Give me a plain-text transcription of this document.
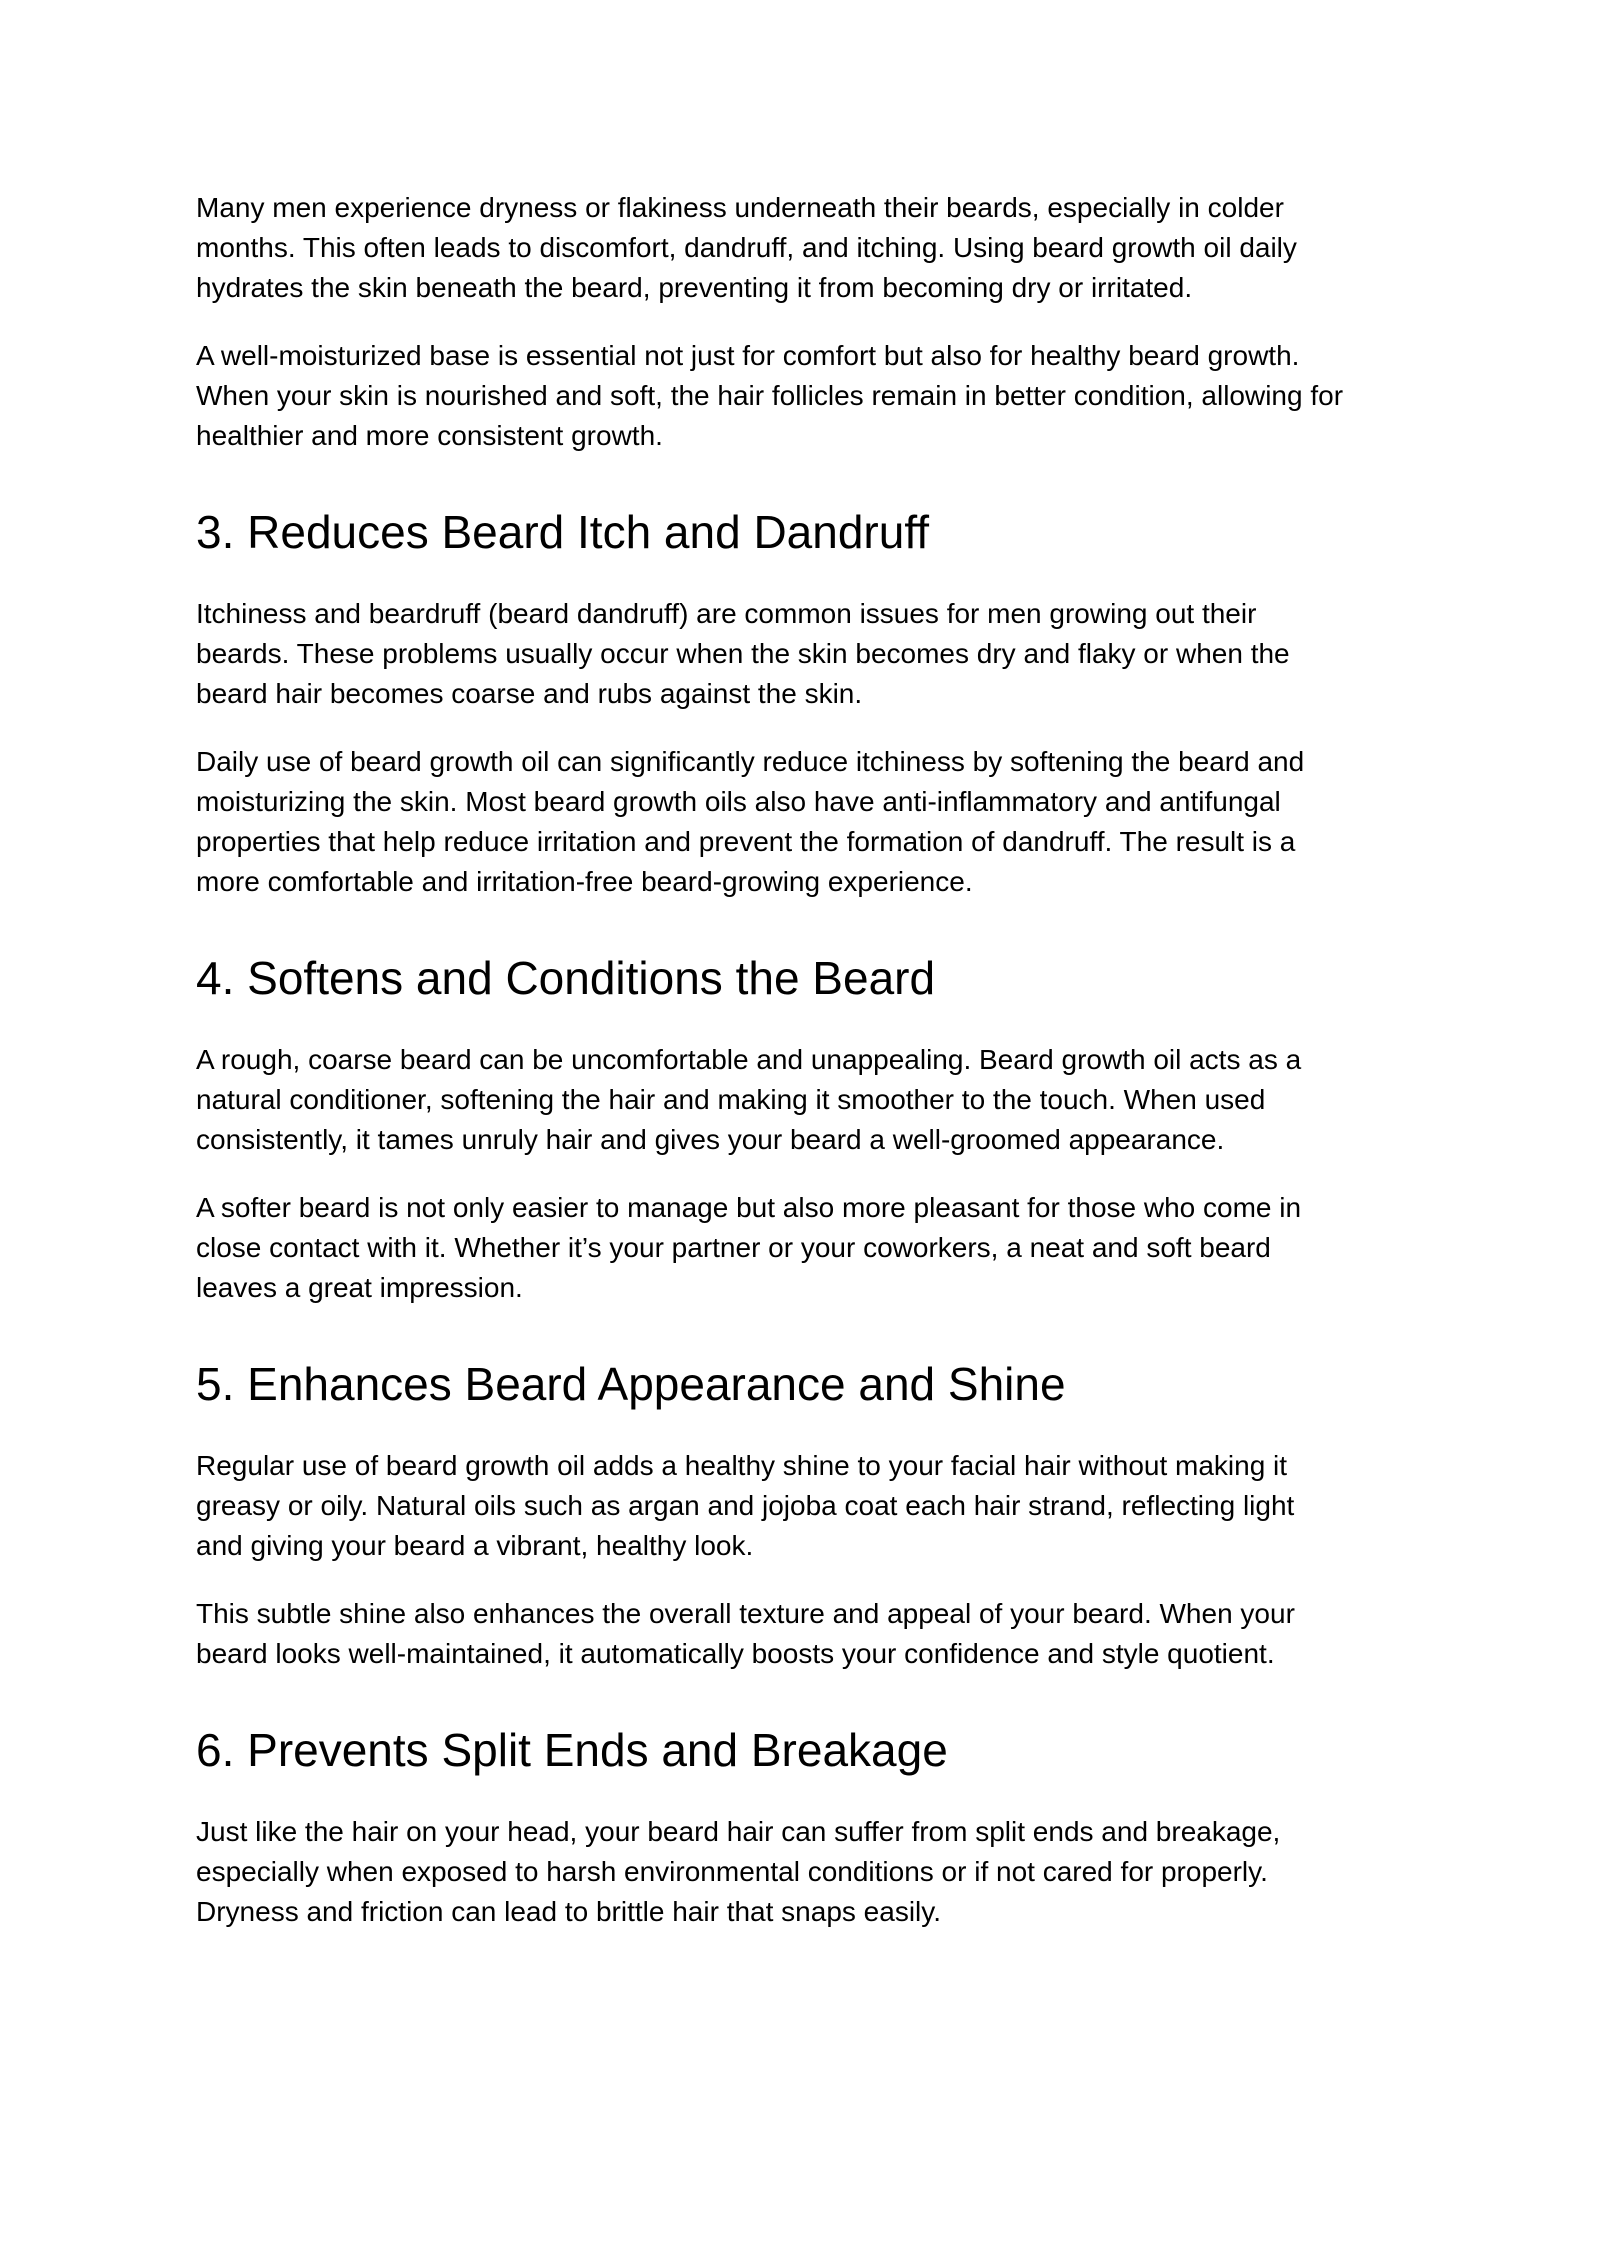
Many men experience dryness or flakiness underneath their beards, especially in colder
months. This often leads to discomfort, dandruff, and itching. Using beard growth oil daily
hydrates the skin beneath the beard, preventing it from becoming dry or irritated.

A well-moisturized base is essential not just for comfort but also for healthy beard growth.
When your skin is nourished and soft, the hair follicles remain in better condition, allowing for
healthier and more consistent growth.

3. Reduces Beard Itch and Dandruff

Itchiness and beardruff (beard dandruff) are common issues for men growing out their
beards. These problems usually occur when the skin becomes dry and flaky or when the
beard hair becomes coarse and rubs against the skin.

Daily use of beard growth oil can significantly reduce itchiness by softening the beard and
moisturizing the skin. Most beard growth oils also have anti-inflammatory and antifungal
properties that help reduce irritation and prevent the formation of dandruff. The result is a
more comfortable and irritation-free beard-growing experience.

4. Softens and Conditions the Beard

A rough, coarse beard can be uncomfortable and unappealing. Beard growth oil acts as a
natural conditioner, softening the hair and making it smoother to the touch. When used
consistently, it tames unruly hair and gives your beard a well-groomed appearance.

A softer beard is not only easier to manage but also more pleasant for those who come in
close contact with it. Whether it’s your partner or your coworkers, a neat and soft beard
leaves a great impression.

5. Enhances Beard Appearance and Shine

Regular use of beard growth oil adds a healthy shine to your facial hair without making it
greasy or oily. Natural oils such as argan and jojoba coat each hair strand, reflecting light
and giving your beard a vibrant, healthy look.

This subtle shine also enhances the overall texture and appeal of your beard. When your
beard looks well-maintained, it automatically boosts your confidence and style quotient.

6. Prevents Split Ends and Breakage

Just like the hair on your head, your beard hair can suffer from split ends and breakage,
especially when exposed to harsh environmental conditions or if not cared for properly.
Dryness and friction can lead to brittle hair that snaps easily.
